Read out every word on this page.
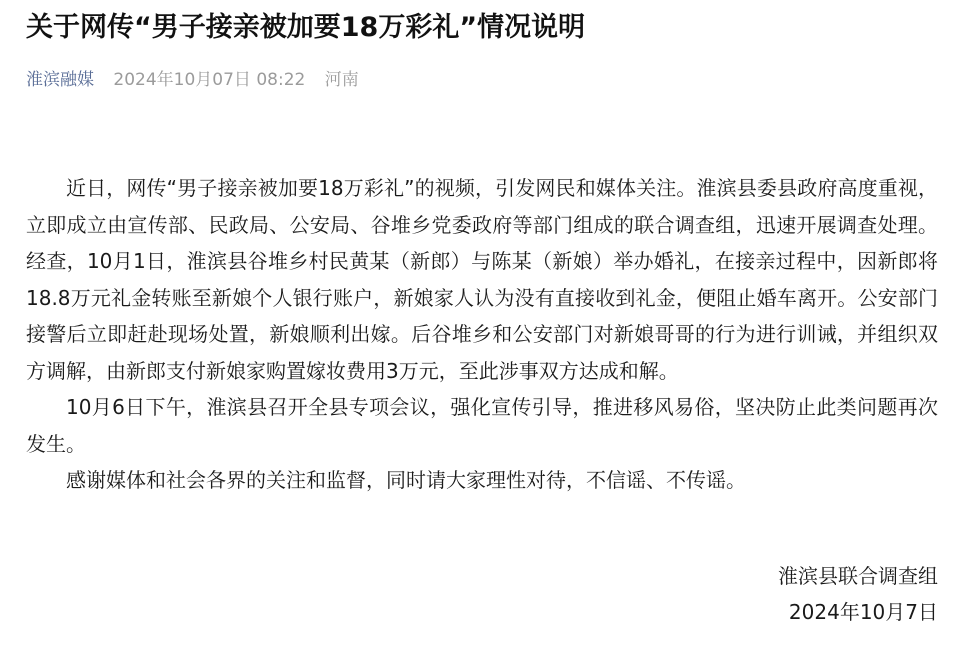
关于网传“男子接亲被加要18万彩礼”情况说明
淮滨融媒 2024年10月07日 08:22 河南

近日，网传“男子接亲被加要18万彩礼”的视频，引发网民和媒体关注。淮滨县委县政府高度重视，立即成立由宣传部、民政局、公安局、谷堆乡党委政府等部门组成的联合调查组，迅速开展调查处理。经查，10月1日，淮滨县谷堆乡村民黄某（新郎）与陈某（新娘）举办婚礼，在接亲过程中，因新郎将18.8万元礼金转账至新娘个人银行账户，新娘家人认为没有直接收到礼金，便阻止婚车离开。公安部门接警后立即赶赴现场处置，新娘顺利出嫁。后谷堆乡和公安部门对新娘哥哥的行为进行训诫，并组织双方调解，由新郎支付新娘家购置嫁妆费用3万元，至此涉事双方达成和解。

10月6日下午，淮滨县召开全县专项会议，强化宣传引导，推进移风易俗，坚决防止此类问题再次发生。

感谢媒体和社会各界的关注和监督，同时请大家理性对待，不信谣、不传谣。

淮滨县联合调查组
2024年10月7日
